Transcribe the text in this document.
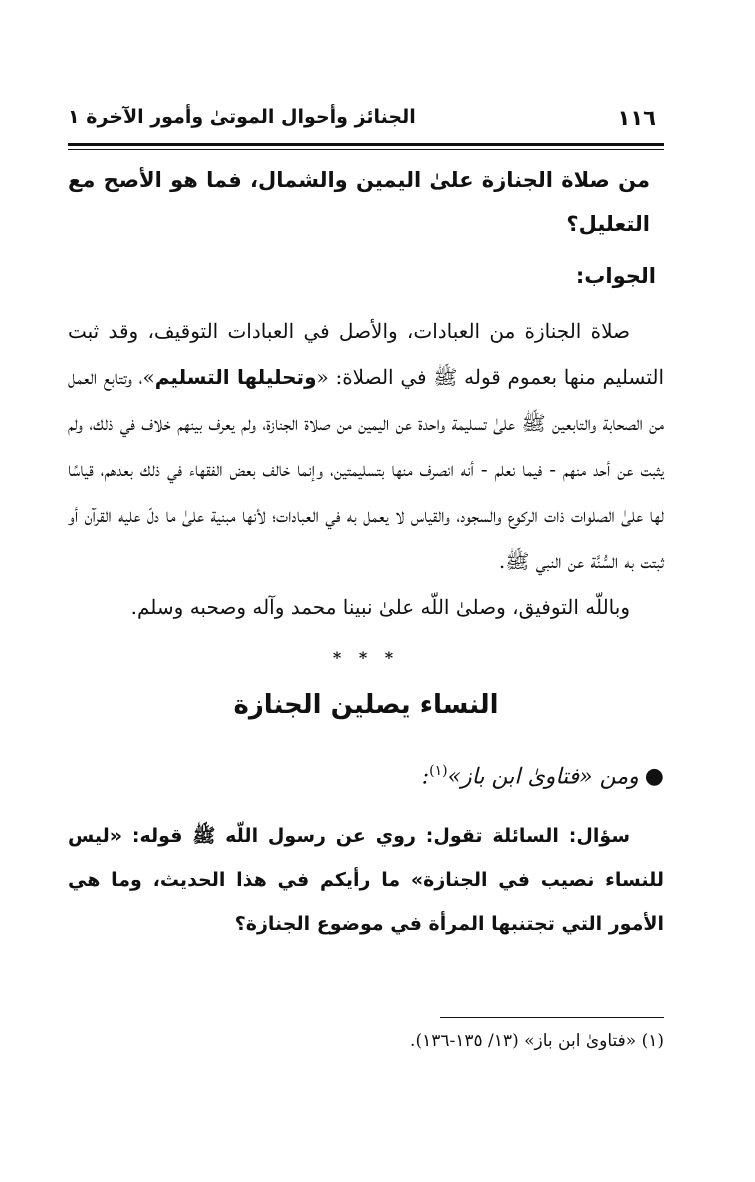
١١٦
الجنائز وأحوال الموتىٰ وأمور الآخرة ١

من صلاة الجنازة علىٰ اليمين والشمال، فما هو الأصح مع التعليل؟

الجواب:

صلاة الجنازة من العبادات، والأصل في العبادات التوقيف، وقد ثبت التسليم منها بعموم قوله ﷺ في الصلاة: «وتحليلها التسليم»، وتتابع العمل من الصحابة والتابعين ﷺ علىٰ تسليمة واحدة عن اليمين من صلاة الجنازة، ولم يعرف بينهم خلاف في ذلك، ولم يثبت عن أحد منهم - فيما نعلم - أنه انصرف منها بتسليمتين، وإنما خالف بعض الفقهاء في ذلك بعدهم، قياسًا لها علىٰ الصلوات ذات الركوع والسجود، والقياس لا يعمل به في العبادات؛ لأنها مبنية علىٰ ما دلّ عليه القرآن أو ثبتت به السُّنَّة عن النبي ﷺ.

وباللّه التوفيق، وصلىٰ اللّه علىٰ نبينا محمد وآله وصحبه وسلم.

* * *
النساء يصلين الجنازة

●ومن «فتاوىٰ ابن باز»$^{(١)}$:

سؤال: السائلة تقول: روي عن رسول اللّه ﷺ قوله: «ليس للنساء نصيب في الجنازة» ما رأيكم في هذا الحديث، وما هي الأمور التي تجتنبها المرأة في موضوع الجنازة؟

(١) «فتاوىٰ ابن باز» (١٣/ ١٣٥-١٣٦).
